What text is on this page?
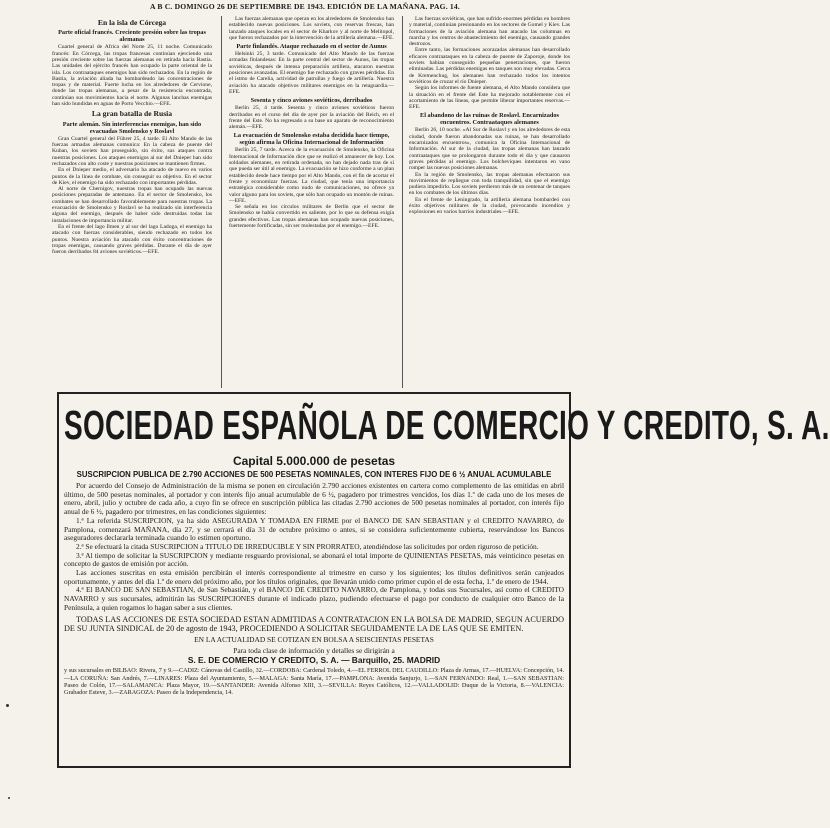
A B C. DOMINGO 26 DE SEPTIEMBRE DE 1943. EDICIÓN DE LA MAÑANA. PAG. 14.
En la isla de Córcega
Parte oficial francés. Creciente presión sobre las tropas alemanas

Cuartel general de Africa del Norte 25, 11 noche. Comunicado francés: En Córcega, las tropas francesas continúan ejerciendo una presión creciente sobre las fuerzas alemanas en retirada hacia Bastia. Las unidades del ejército francés han ocupado la parte oriental de la isla. Los contraataques enemigos han sido rechazados. En la región de Bastia, la aviación aliada ha bombardeado las concentraciones de tropas y de material. Fuerte lucha en los alrededores de Cervione, donde las tropas alemanas, a pesar de la resistencia encontrada, continúan sus movimientos hacia el norte. Algunas lanchas enemigas han sido hundidas en aguas de Porto Vecchio.—EFE.

La gran batalla de Rusia
Parte alemán. Sin interferencias enemigas, han sido evacuadas Smolensko y Roslavl

Gran Cuartel general del Führer 25, 4 tarde. El Alto Mando de las fuerzas armadas alemanas comunica: En la cabeza de puente del Kuban, los soviets han proseguido, sin éxito, sus ataques contra nuestras posiciones. Los ataques enemigos al sur del Dnieper han sido rechazados con alto coste y nuestras posiciones se mantienen firmes.

En el Dnieper medio, el adversario ha atacado de nuevo en varios puntos de la línea de combate, sin conseguir su objetivo. En el sector de Kiev, el enemigo ha sido rechazado con importantes pérdidas.

Al norte de Chernigov, nuestras tropas han ocupado las nuevas posiciones preparadas de antemano. En el sector de Smolensko, los combates se han desarrollado favorablemente para nuestras tropas. La evacuación de Smolensko y Roslavl se ha realizado sin interferencia alguna del enemigo, después de haber sido destruidas todas las instalaciones de importancia militar.

En el frente del lago Ilmen y al sur del lago Ladoga, el enemigo ha atacado con fuerzas considerables, siendo rechazado en todos los puntos. Nuestra aviación ha atacado con éxito concentraciones de tropas enemigas, causando graves pérdidas. Durante el día de ayer fueron derribados 84 aviones soviéticos.—EFE.

Las fuerzas alemanas que operan en los alrededores de Smolensko han establecido nuevas posiciones. Los soviets, con reservas frescas, han lanzado ataques locales en el sector de Kharkov y al norte de Melitopol, que fueron rechazados por la intervención de la artillería alemana.—EFE.

Parte finlandés. Ataque rechazado en el sector de Aunus

Helsinki 25, 3 tarde. Comunicado del Alto Mando de las fuerzas armadas finlandesas: En la parte central del sector de Aunus, las tropas soviéticas, después de intensa preparación artillera, atacaron nuestras posiciones avanzadas. El enemigo fue rechazado con graves pérdidas. En el istmo de Carelia, actividad de patrullas y fuego de artillería. Nuestra aviación ha atacado objetivos militares enemigos en la retaguardia.—EFE.

Sesenta y cinco aviones soviéticos, derribados

Berlín 25, 4 tarde. Sesenta y cinco aviones soviéticos fueron derribados en el curso del día de ayer por la aviación del Reich, en el frente del Este. No ha regresado a su base un aparato de reconocimiento alemán.—EFE.

La evacuación de Smolensko estaba decidida hace tiempo, según afirma la Oficina Internacional de Información

Berlín 25, 7 tarde. Acerca de la evacuación de Smolensko, la Oficina Internacional de Información dice que se realizó el amanecer de hoy. Los soldados alemanes, en retirada ordenada, no han dejado nada tras de sí que pueda ser útil al enemigo. La evacuación se hizo conforme a un plan establecido desde hace tiempo por el Alto Mando, con el fin de acortar el frente y economizar fuerzas. La ciudad, que tenía una importancia estratégica considerable como nudo de comunicaciones, no ofrece ya valor alguno para los soviets, que sólo han ocupado un montón de ruinas.—EFE.

Se señala en los círculos militares de Berlín que el sector de Smolensko se había convertido en saliente, por lo que su defensa exigía grandes efectivos. Las tropas alemanas han ocupado nuevas posiciones, fuertemente fortificadas, sin ser molestadas por el enemigo.—EFE.

Las fuerzas soviéticas, que han sufrido enormes pérdidas en hombres y material, continúan presionando en los sectores de Gomel y Kiev. Las formaciones de la aviación alemana han atacado las columnas en marcha y los centros de abastecimiento del enemigo, causando grandes destrozos.

Entre tanto, las formaciones acorazadas alemanas han desarrollado eficaces contraataques en la cabeza de puente de Zaporoje, donde los soviets habían conseguido pequeñas penetraciones, que fueron eliminadas. Las pérdidas enemigas en tanques son muy elevadas. Cerca de Kremenchug, los alemanes han rechazado todos los intentos soviéticos de cruzar el río Dnieper.

Según los informes de fuente alemana, el Alto Mando considera que la situación en el frente del Este ha mejorado notablemente con el acortamiento de las líneas, que permite liberar importantes reservas.—EFE.

El abandono de las ruinas de Roslavl. Encarnizados encuentros. Contraataques alemanes

Berlín 26, 10 noche. «Al Sur de Roslavl y en los alrededores de esta ciudad, donde fueron abandonadas sus ruinas, se han desarrollado encarnizados encuentros», comunica la Oficina Internacional de Información. Al sur de la ciudad, las tropas alemanas han lanzado contraataques que se prolongaron durante todo el día y que causaron graves pérdidas al enemigo. Los bolcheviques intentaron en vano romper las nuevas posiciones alemanas.

En la región de Smolensko, las tropas alemanas efectuaron sus movimientos de repliegue con toda tranquilidad, sin que el enemigo pudiera impedirlo. Los soviets perdieron más de un centenar de tanques en los combates de los últimos días.

En el frente de Leningrado, la artillería alemana bombardeó con éxito objetivos militares de la ciudad, provocando incendios y explosiones en varios barrios industriales.—EFE.

SOCIEDAD ESPAÑOLA DE COMERCIO Y CREDITO, S. A.
Capital 5.000.000 de pesetas
SUSCRIPCION PUBLICA DE 2.790 ACCIONES DE 500 PESETAS NOMINALES, CON INTERES FIJO DE 6 ½ ANUAL ACUMULABLE

Por acuerdo del Consejo de Administración de la misma se ponen en circulación 2.790 acciones existentes en cartera como complemento de las emitidas en abril último, de 500 pesetas nominales, al portador y con interés fijo anual acumulable de 6 ½, pagadero por trimestres vencidos, los días 1.º de cada uno de los meses de enero, abril, julio y octubre de cada año, a cuyo fin se ofrece en suscripción pública las citadas 2.790 acciones de 500 pesetas nominales al portador, con interés fijo anual de 6 ½, pagadero por trimestres, en las condiciones siguientes:

1.ª La referida SUSCRIPCION, ya ha sido ASEGURADA Y TOMADA EN FIRME por el BANCO DE SAN SEBASTIAN y el CREDITO NAVARRO, de Pamplona, comenzará MAÑANA, día 27, y se cerrará el día 31 de octubre próximo o antes, si se considera suficientemente cubierta, reservándose los Bancos aseguradores declararla terminada cuando lo estimen oportuno.

2.ª Se efectuará la citada SUSCRIPCION a TITULO DE IRREDUCIBLE Y SIN PRORRATEO, atendiéndose las solicitudes por orden riguroso de petición.

3.ª Al tiempo de solicitar la SUSCRIPCION y mediante resguardo provisional, se abonará el total importe de QUINIENTAS PESETAS, más veinticinco pesetas en concepto de gastos de emisión por acción.

Las acciones suscritas en esta emisión percibirán el interés correspondiente al trimestre en curso y los siguientes; los títulos definitivos serán canjeados oportunamente, y antes del día 1.º de enero del próximo año, por los títulos originales, que llevarán unido como primer cupón el de esta fecha, 1.º de enero de 1944.

4.ª El BANCO DE SAN SEBASTIAN, de San Sebastián, y el BANCO DE CREDITO NAVARRO, de Pamplona, y todas sus Sucursales, así como el CREDITO NAVARRO y sus sucursales, admitirán las SUSCRIPCIONES durante el indicado plazo, pudiendo efectuarse el pago por conducto de cualquier otro Banco de la Península, a quien rogamos lo hagan saber a sus clientes.

TODAS LAS ACCIONES DE ESTA SOCIEDAD ESTAN ADMITIDAS A CONTRATACION EN LA BOLSA DE MADRID, SEGUN ACUERDO DE SU JUNTA SINDICAL de 20 de agosto de 1943, PROCEDIENDO A SOLICITAR SEGUIDAMENTE LA DE LAS QUE SE EMITEN.

EN LA ACTUALIDAD SE COTIZAN EN BOLSA A SEISCIENTAS PESETAS

Para toda clase de información y detalles se dirigirán a

S. E. DE COMERCIO Y CREDITO, S. A. — Barquillo, 25. MADRID

y sus sucursales en BILBAO: Rivera, 7 y 9.—CADIZ: Cánovas del Castillo, 32.—CORDOBA: Cardenal Toledo, 4.—EL FERROL DEL CAUDILLO: Plaza de Armas, 17.—HUELVA: Concepción, 14.—LA CORUÑA: San Andrés, 7.—LINARES: Plaza del Ayuntamiento, 5.—MALAGA: Santa María, 17.—PAMPLONA: Avenida Sanjurjo, 1.—SAN FERNANDO: Real, 1.—SAN SEBASTIAN: Paseo de Colón, 17.—SALAMANCA: Plaza Mayor, 19.—SANTANDER: Avenida Alfonso XIII, 3.—SEVILLA: Reyes Católicos, 12.—VALLADOLID: Duque de la Victoria, 8.—VALENCIA: Grabador Esteve, 3.—ZARAGOZA: Paseo de la Independencia, 14.
